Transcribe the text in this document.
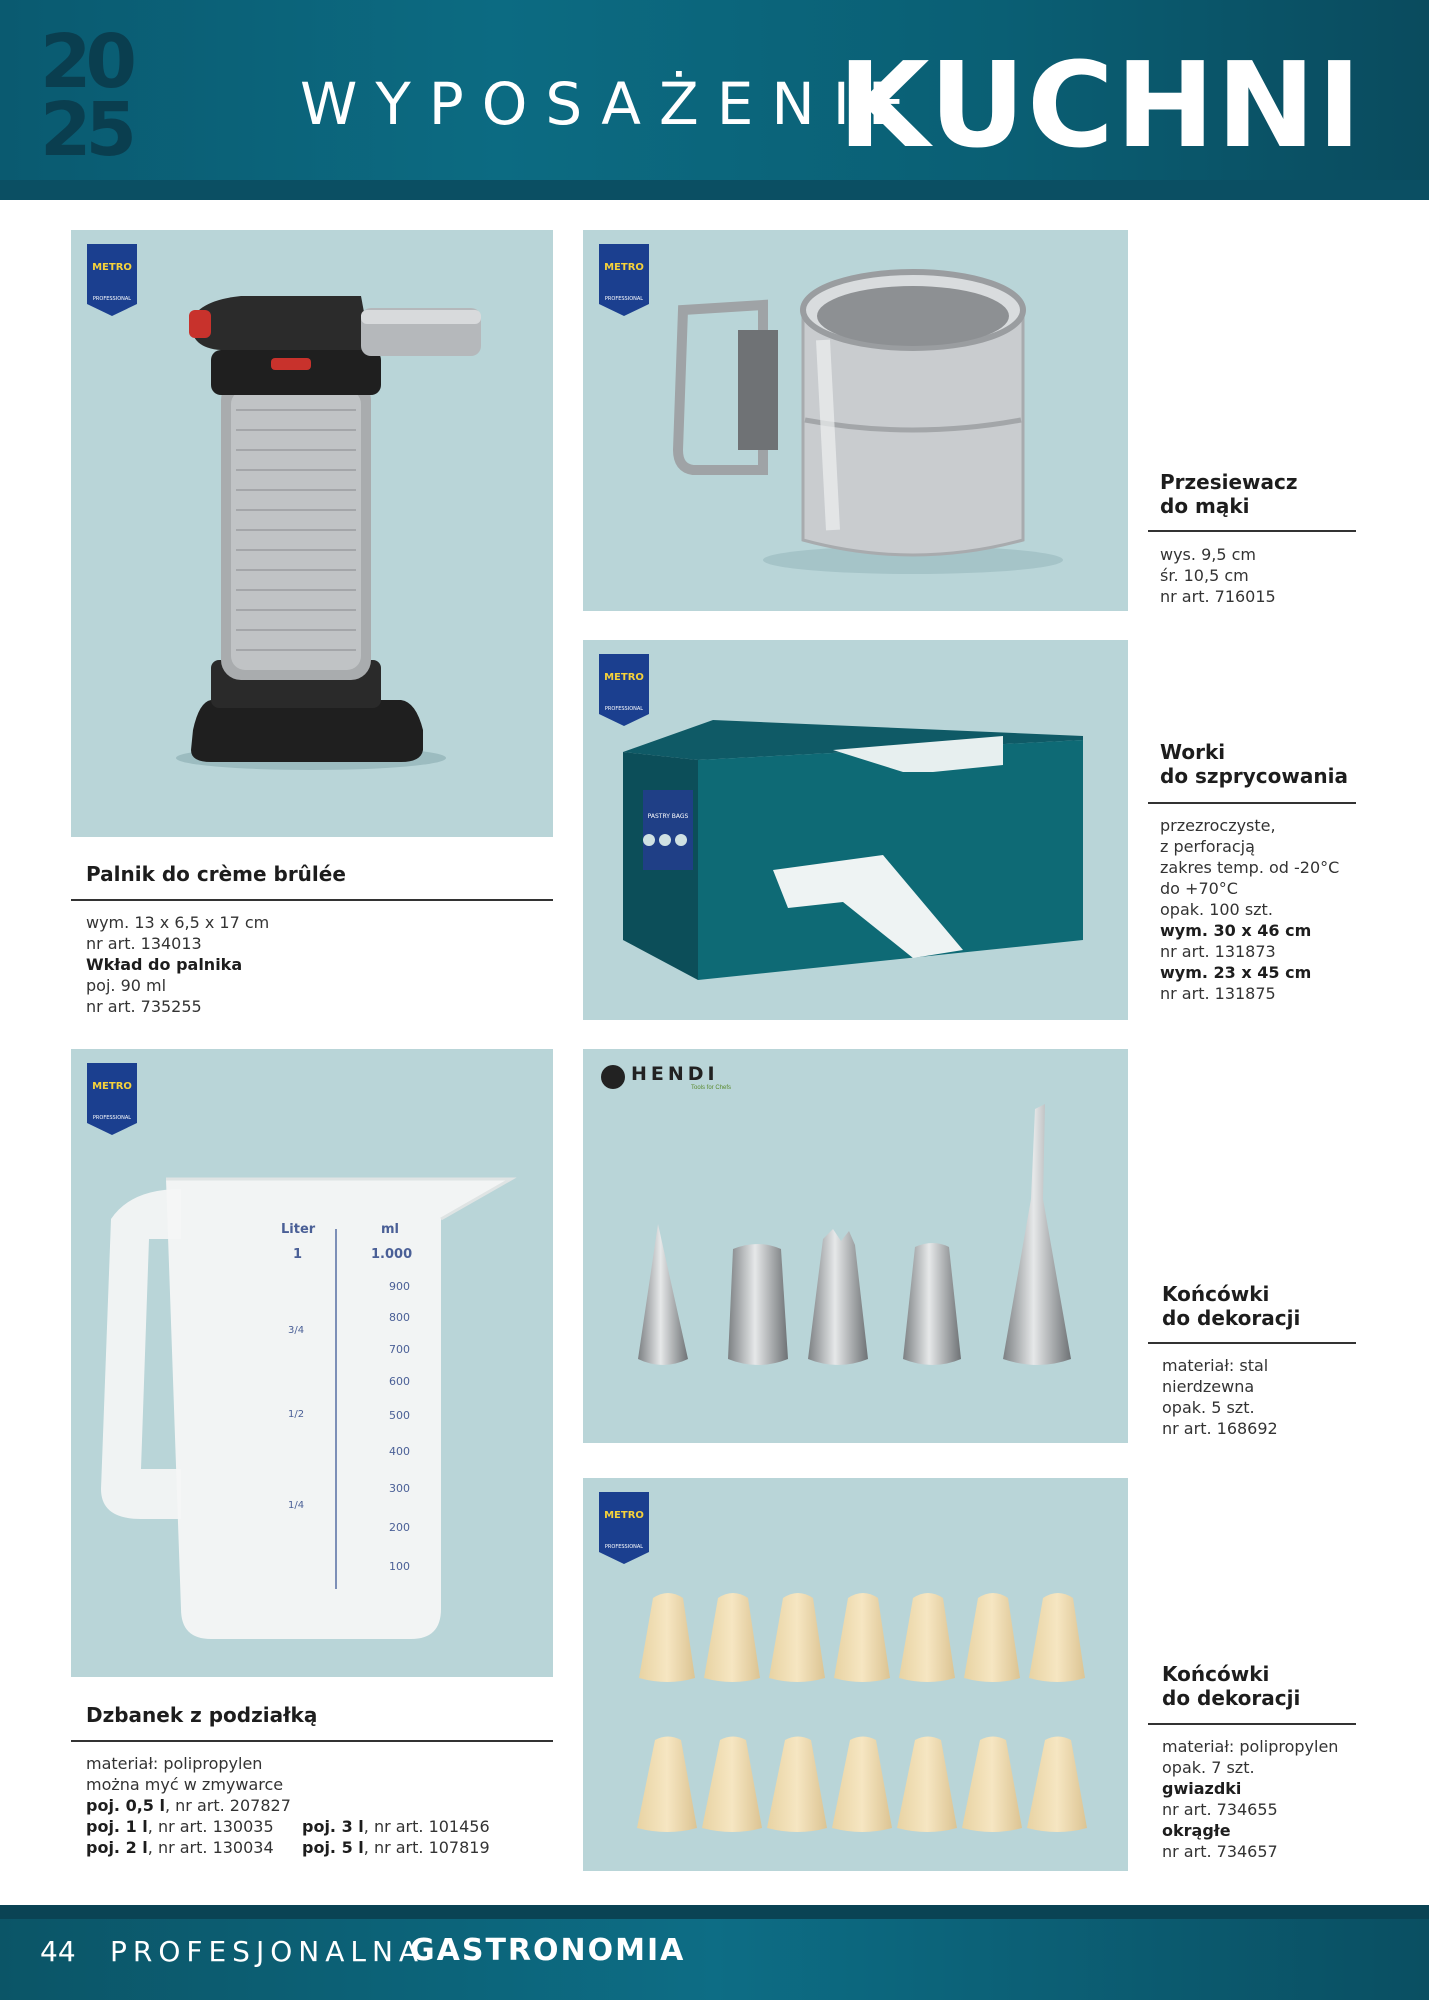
20
25	WYPOSAŻENIE
KUCHNI
METRO
PROFESSIONAL
Palnik do crème brûlée
wym. 13 x 6,5 x 17 cm
nr art. 134013
Wkład do palnika
poj. 90 ml
nr art. 735255
METRO
PROFESSIONAL
Przesiewacz
do mąki
wys. 9,5 cm
śr. 10,5 cm
nr art. 716015
METRO
PROFESSIONAL
PASTRY BAGS
Worki
do szprycowania
przezroczyste,
z perforacją
zakres temp. od -20°C
do +70°C
opak. 100 szt.
wym. 30 x 46 cm
nr art. 131873
wym. 23 x 45 cm
nr art. 131875
METRO
PROFESSIONAL
Liter	ml
1	1.000
900
800
3/4
700
600
1/2	500
400
300
1/4
200
100
Dzbanek z podziałką
materiał: polipropylen
można myć w zmywarce
poj. 0,5 l, nr art. 207827
poj. 1 l, nr art. 130035 poj. 3 l, nr art. 101456
poj. 2 l, nr art. 130034 poj. 5 l, nr art. 107819
HENDI
Tools for Chefs
Końcówki
do dekoracji
materiał: stal
nierdzewna
opak. 5 szt.
nr art. 168692
METRO
PROFESSIONAL
Końcówki
do dekoracji
materiał: polipropylen
opak. 7 szt.
gwiazdki
nr art. 734655
okrągłe
nr art. 734657
44 PROFESJONALNA
GASTRONOMIA
